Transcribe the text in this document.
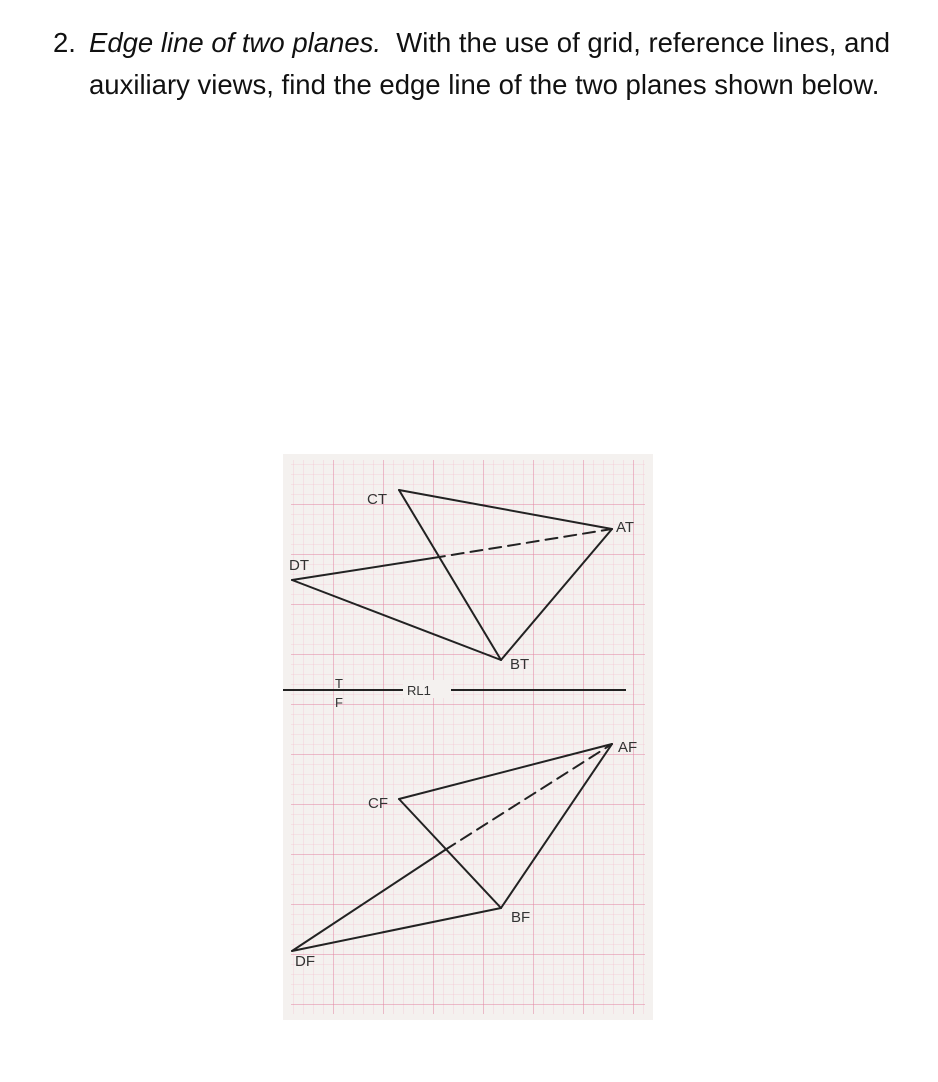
2. Edge line of two planes. With the use of grid, reference lines, and auxiliary views, find the edge line of the two planes shown below.
CT
AT
DT
BT
T
F
RL1
AF
CF
BF
DF
